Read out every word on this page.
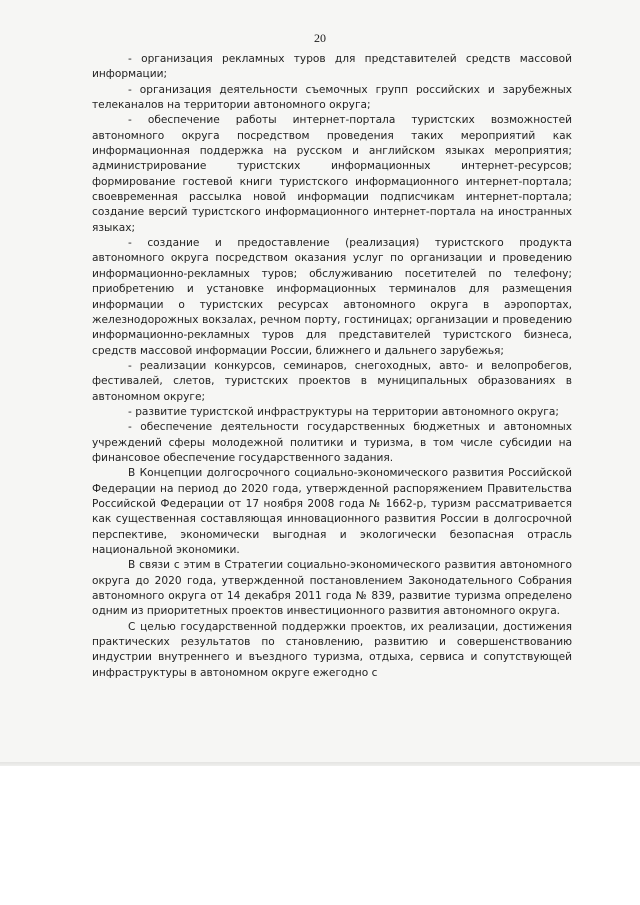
20

- организация рекламных туров для представителей средств массовой информации;

- организация деятельности съемочных групп российских и зарубежных телеканалов на территории автономного округа;

- обеспечение работы интернет-портала туристских возможностей автономного округа посредством проведения таких мероприятий как информационная поддержка на русском и английском языках мероприятия; администрирование туристских информационных интернет-ресурсов; формирование гостевой книги туристского информационного интернет-портала; своевременная рассылка новой информации подписчикам интернет-портала; создание версий туристского информационного интернет-портала на иностранных языках;

- создание и предоставление (реализация) туристского продукта автономного округа посредством оказания услуг по организации и проведению информационно-рекламных туров; обслуживанию посетителей по телефону; приобретению и установке информационных терминалов для размещения информации о туристских ресурсах автономного округа в аэропортах, железнодорожных вокзалах, речном порту, гостиницах; организации и проведению информационно-рекламных туров для представителей туристского бизнеса, средств массовой информации России, ближнего и дальнего зарубежья;

- реализации конкурсов, семинаров, снегоходных, авто- и велопробегов, фестивалей, слетов, туристских проектов в муниципальных образованиях в автономном округе;

- развитие туристской инфраструктуры на территории автономного округа;

- обеспечение деятельности государственных бюджетных и автономных учреждений сферы молодежной политики и туризма, в том числе субсидии на финансовое обеспечение государственного задания.

В Концепции долгосрочного социально-экономического развития Российской Федерации на период до 2020 года, утвержденной распоряжением Правительства Российской Федерации от 17 ноября 2008 года № 1662-р, туризм рассматривается как существенная составляющая инновационного развития России в долгосрочной перспективе, экономически выгодная и экологически безопасная отрасль национальной экономики.

В связи с этим в Стратегии социально-экономического развития автономного округа до 2020 года, утвержденной постановлением Законодательного Собрания автономного округа от 14 декабря 2011 года № 839, развитие туризма определено одним из приоритетных проектов инвестиционного развития автономного округа.

С целью государственной поддержки проектов, их реализации, достижения практических результатов по становлению, развитию и совершенствованию индустрии внутреннего и въездного туризма, отдыха, сервиса и сопутствующей инфраструктуры в автономном округе ежегодно с
